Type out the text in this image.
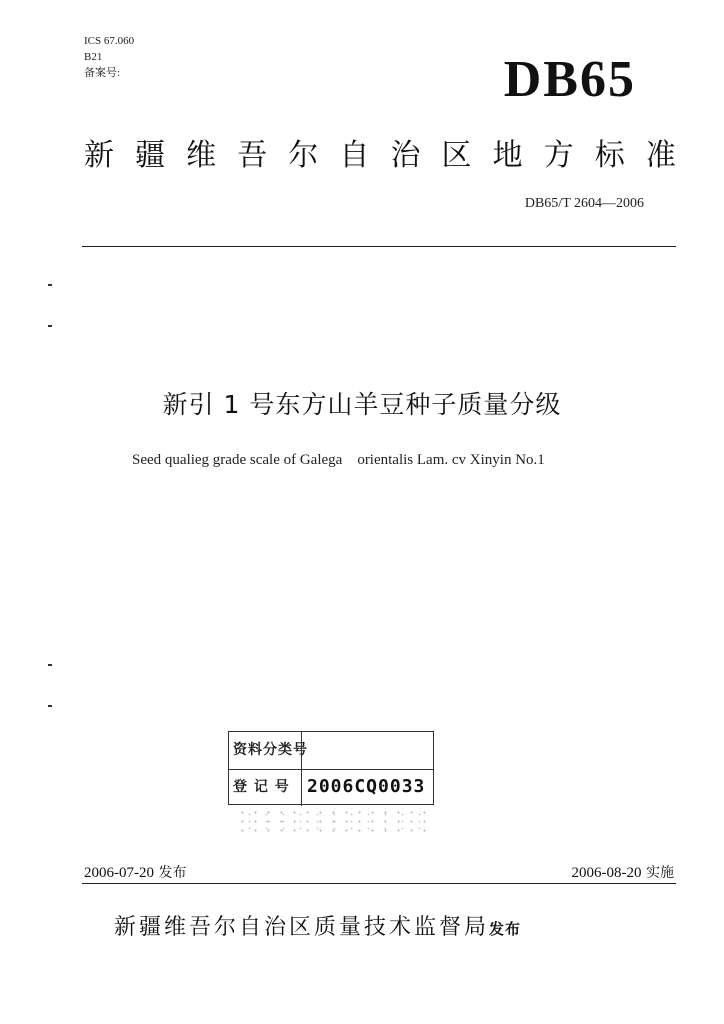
ICS 67.060
B21
备案号:	DB65
新 疆 维 吾 尔 自 治 区 地 方 标 准
DB65/T 2604—2006
新引 1 号东方山羊豆种子质量分级
Seed qualieg grade scale of Galega    orientalis Lam. cv Xinyin No.1
资料分类号
登 记 号 2006CQ0033
2006-07-20 发布	2006-08-20 实施
新疆维吾尔自治区质量技术监督局发布
